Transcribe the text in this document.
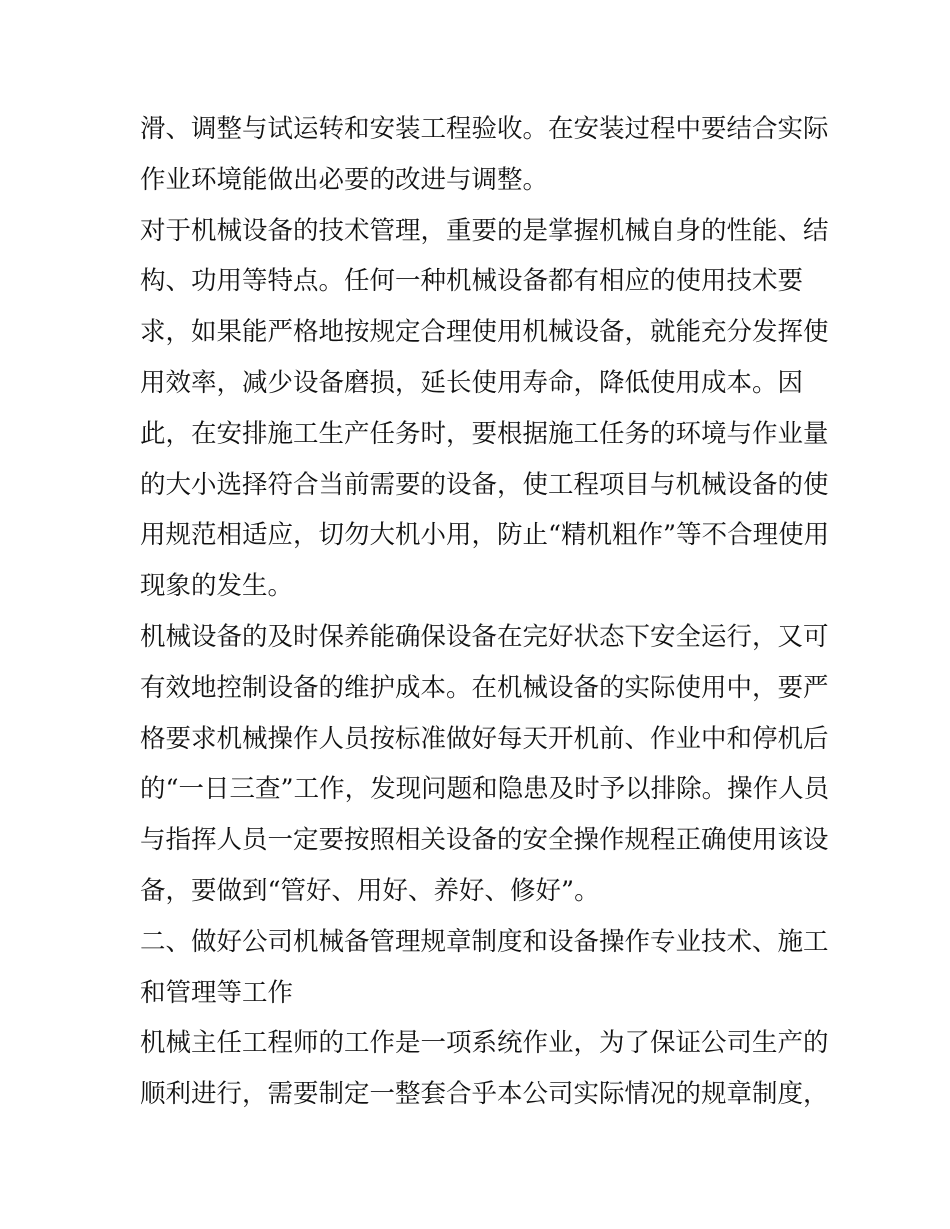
滑、调整与试运转和安装工程验收。在安装过程中要结合实际
作业环境能做出必要的改进与调整。
对于机械设备的技术管理，重要的是掌握机械自身的性能、结
构、功用等特点。任何一种机械设备都有相应的使用技术要
求，如果能严格地按规定合理使用机械设备，就能充分发挥使
用效率，减少设备磨损，延长使用寿命，降低使用成本。因
此，在安排施工生产任务时，要根据施工任务的环境与作业量
的大小选择符合当前需要的设备，使工程项目与机械设备的使
用规范相适应，切勿大机小用，防止“精机粗作”等不合理使用
现象的发生。
机械设备的及时保养能确保设备在完好状态下安全运行，又可
有效地控制设备的维护成本。在机械设备的实际使用中，要严
格要求机械操作人员按标准做好每天开机前、作业中和停机后
的“一日三查”工作，发现问题和隐患及时予以排除。操作人员
与指挥人员一定要按照相关设备的安全操作规程正确使用该设
备，要做到“管好、用好、养好、修好”。
二、做好公司机械备管理规章制度和设备操作专业技术、施工
和管理等工作
机械主任工程师的工作是一项系统作业，为了保证公司生产的
顺利进行，需要制定一整套合乎本公司实际情况的规章制度，
